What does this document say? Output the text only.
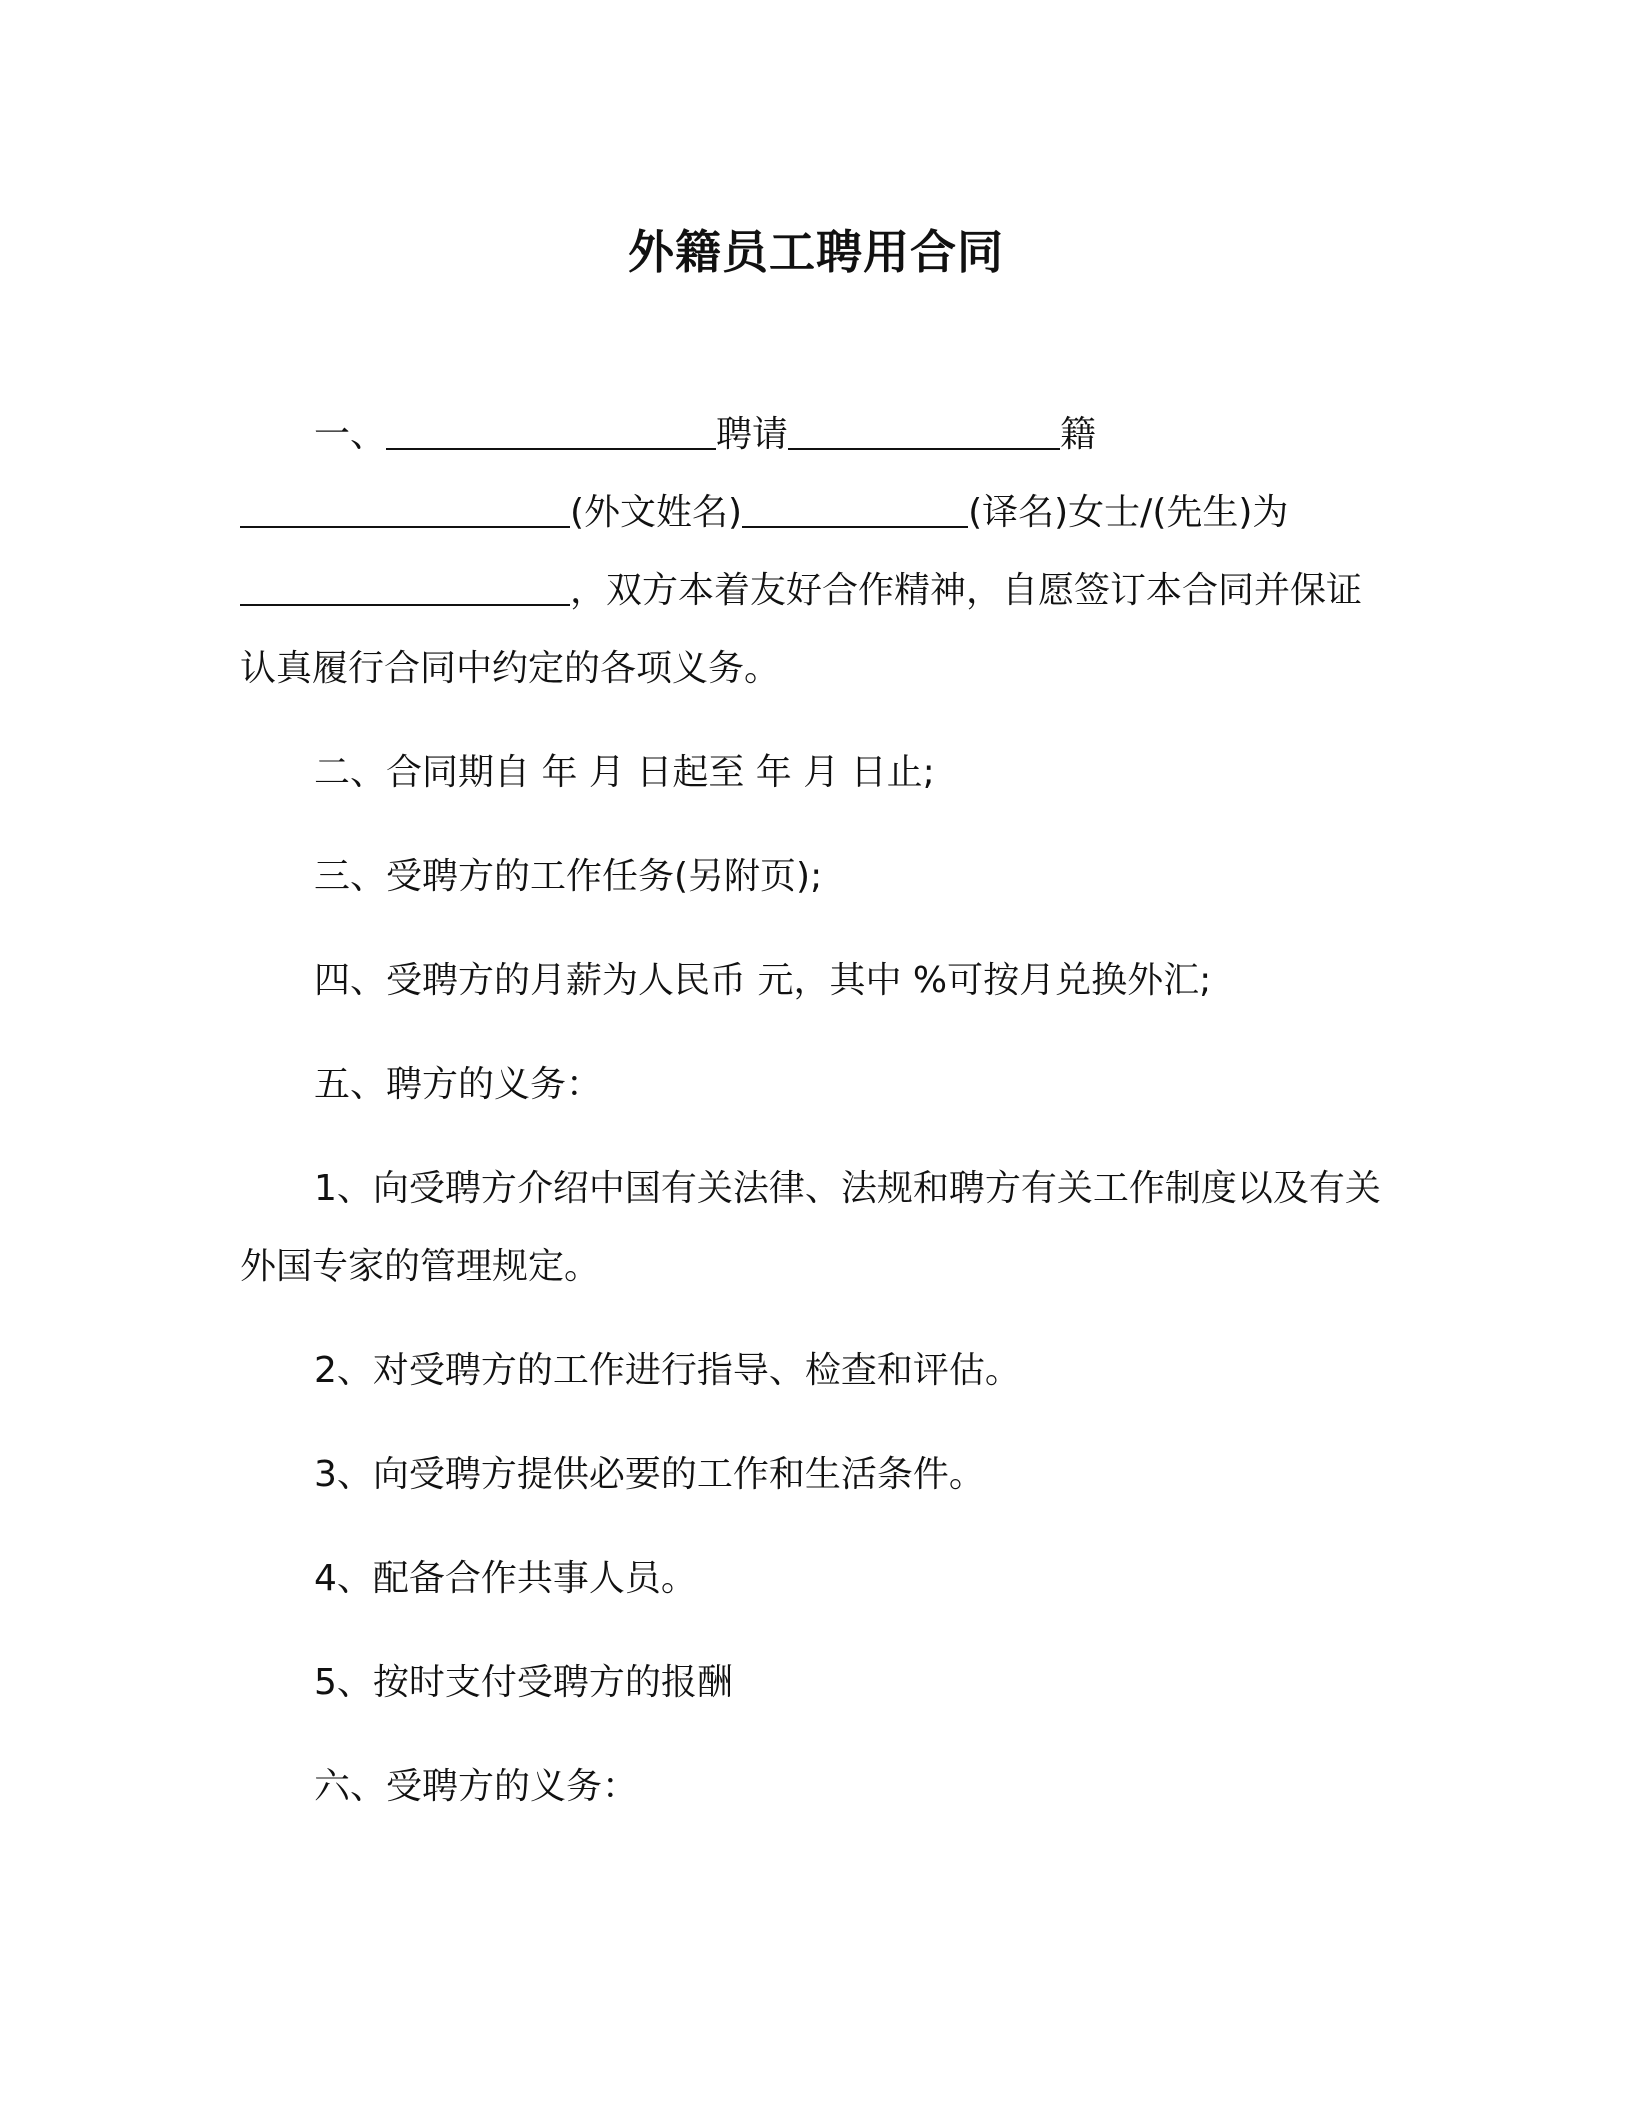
外籍员工聘用合同

一、	聘请	籍(外文姓名)	(译名)女士/(先生)为，双方本着友好合作精神，自愿签订本合同并保证认真履行合同中约定的各项义务。

二、合同期自 年 月 日起至 年 月 日止;

三、受聘方的工作任务(另附页);

四、受聘方的月薪为人民币 元，其中 %可按月兑换外汇;

五、聘方的义务：

1、向受聘方介绍中国有关法律、法规和聘方有关工作制度以及有关外国专家的管理规定。

2、对受聘方的工作进行指导、检查和评估。

3、向受聘方提供必要的工作和生活条件。

4、配备合作共事人员。

5、按时支付受聘方的报酬

六、受聘方的义务：
